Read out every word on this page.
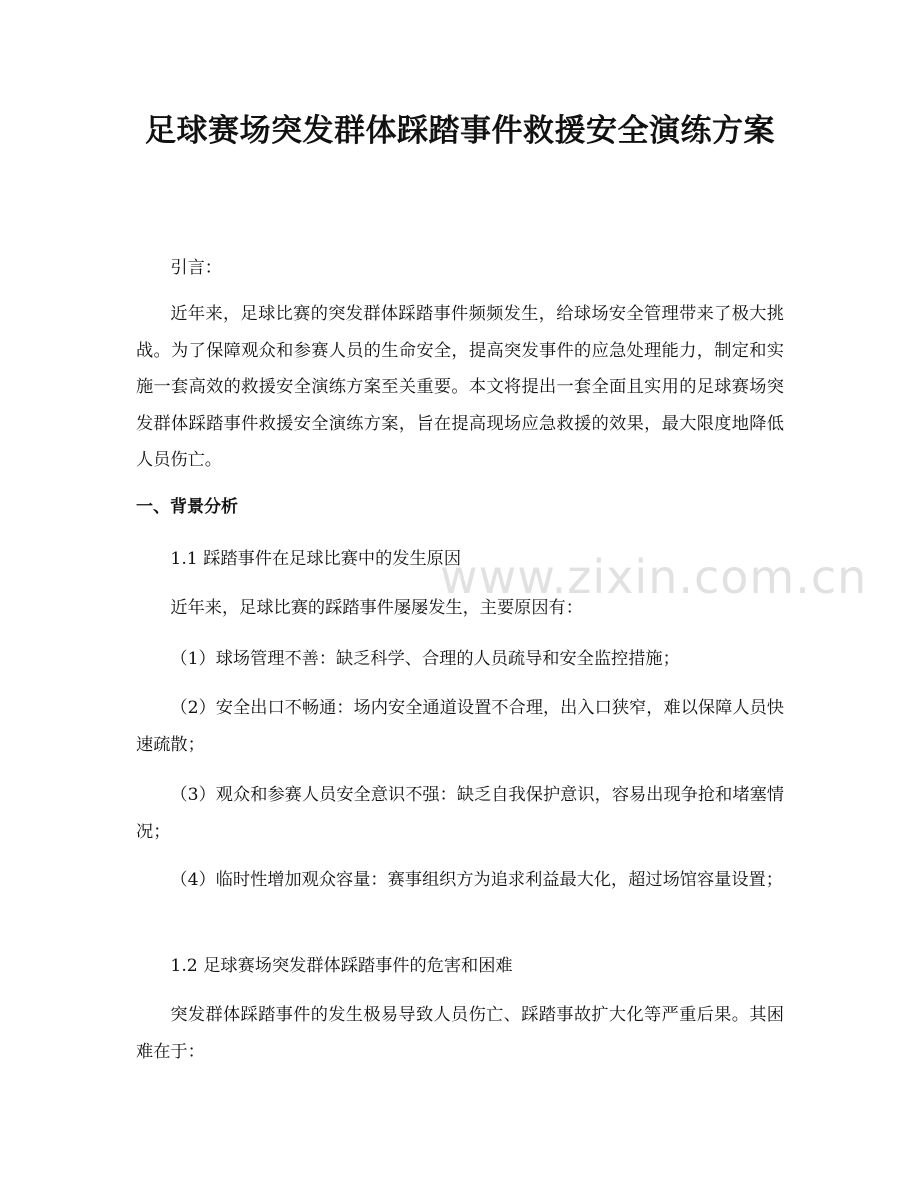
足球赛场突发群体踩踏事件救援安全演练方案

引言：

近年来，足球比赛的突发群体踩踏事件频频发生，给球场安全管理带来了极大挑战。为了保障观众和参赛人员的生命安全，提高突发事件的应急处理能力，制定和实施一套高效的救援安全演练方案至关重要。本文将提出一套全面且实用的足球赛场突发群体踩踏事件救援安全演练方案，旨在提高现场应急救援的效果，最大限度地降低人员伤亡。

一、背景分析

1.1 踩踏事件在足球比赛中的发生原因

近年来，足球比赛的踩踏事件屡屡发生，主要原因有：

（1）球场管理不善：缺乏科学、合理的人员疏导和安全监控措施；

（2）安全出口不畅通：场内安全通道设置不合理，出入口狭窄，难以保障人员快速疏散；

（3）观众和参赛人员安全意识不强：缺乏自我保护意识，容易出现争抢和堵塞情况；

（4）临时性增加观众容量：赛事组织方为追求利益最大化，超过场馆容量设置；

1.2 足球赛场突发群体踩踏事件的危害和困难

突发群体踩踏事件的发生极易导致人员伤亡、踩踏事故扩大化等严重后果。其困难在于：

www.zixin.com.cn
